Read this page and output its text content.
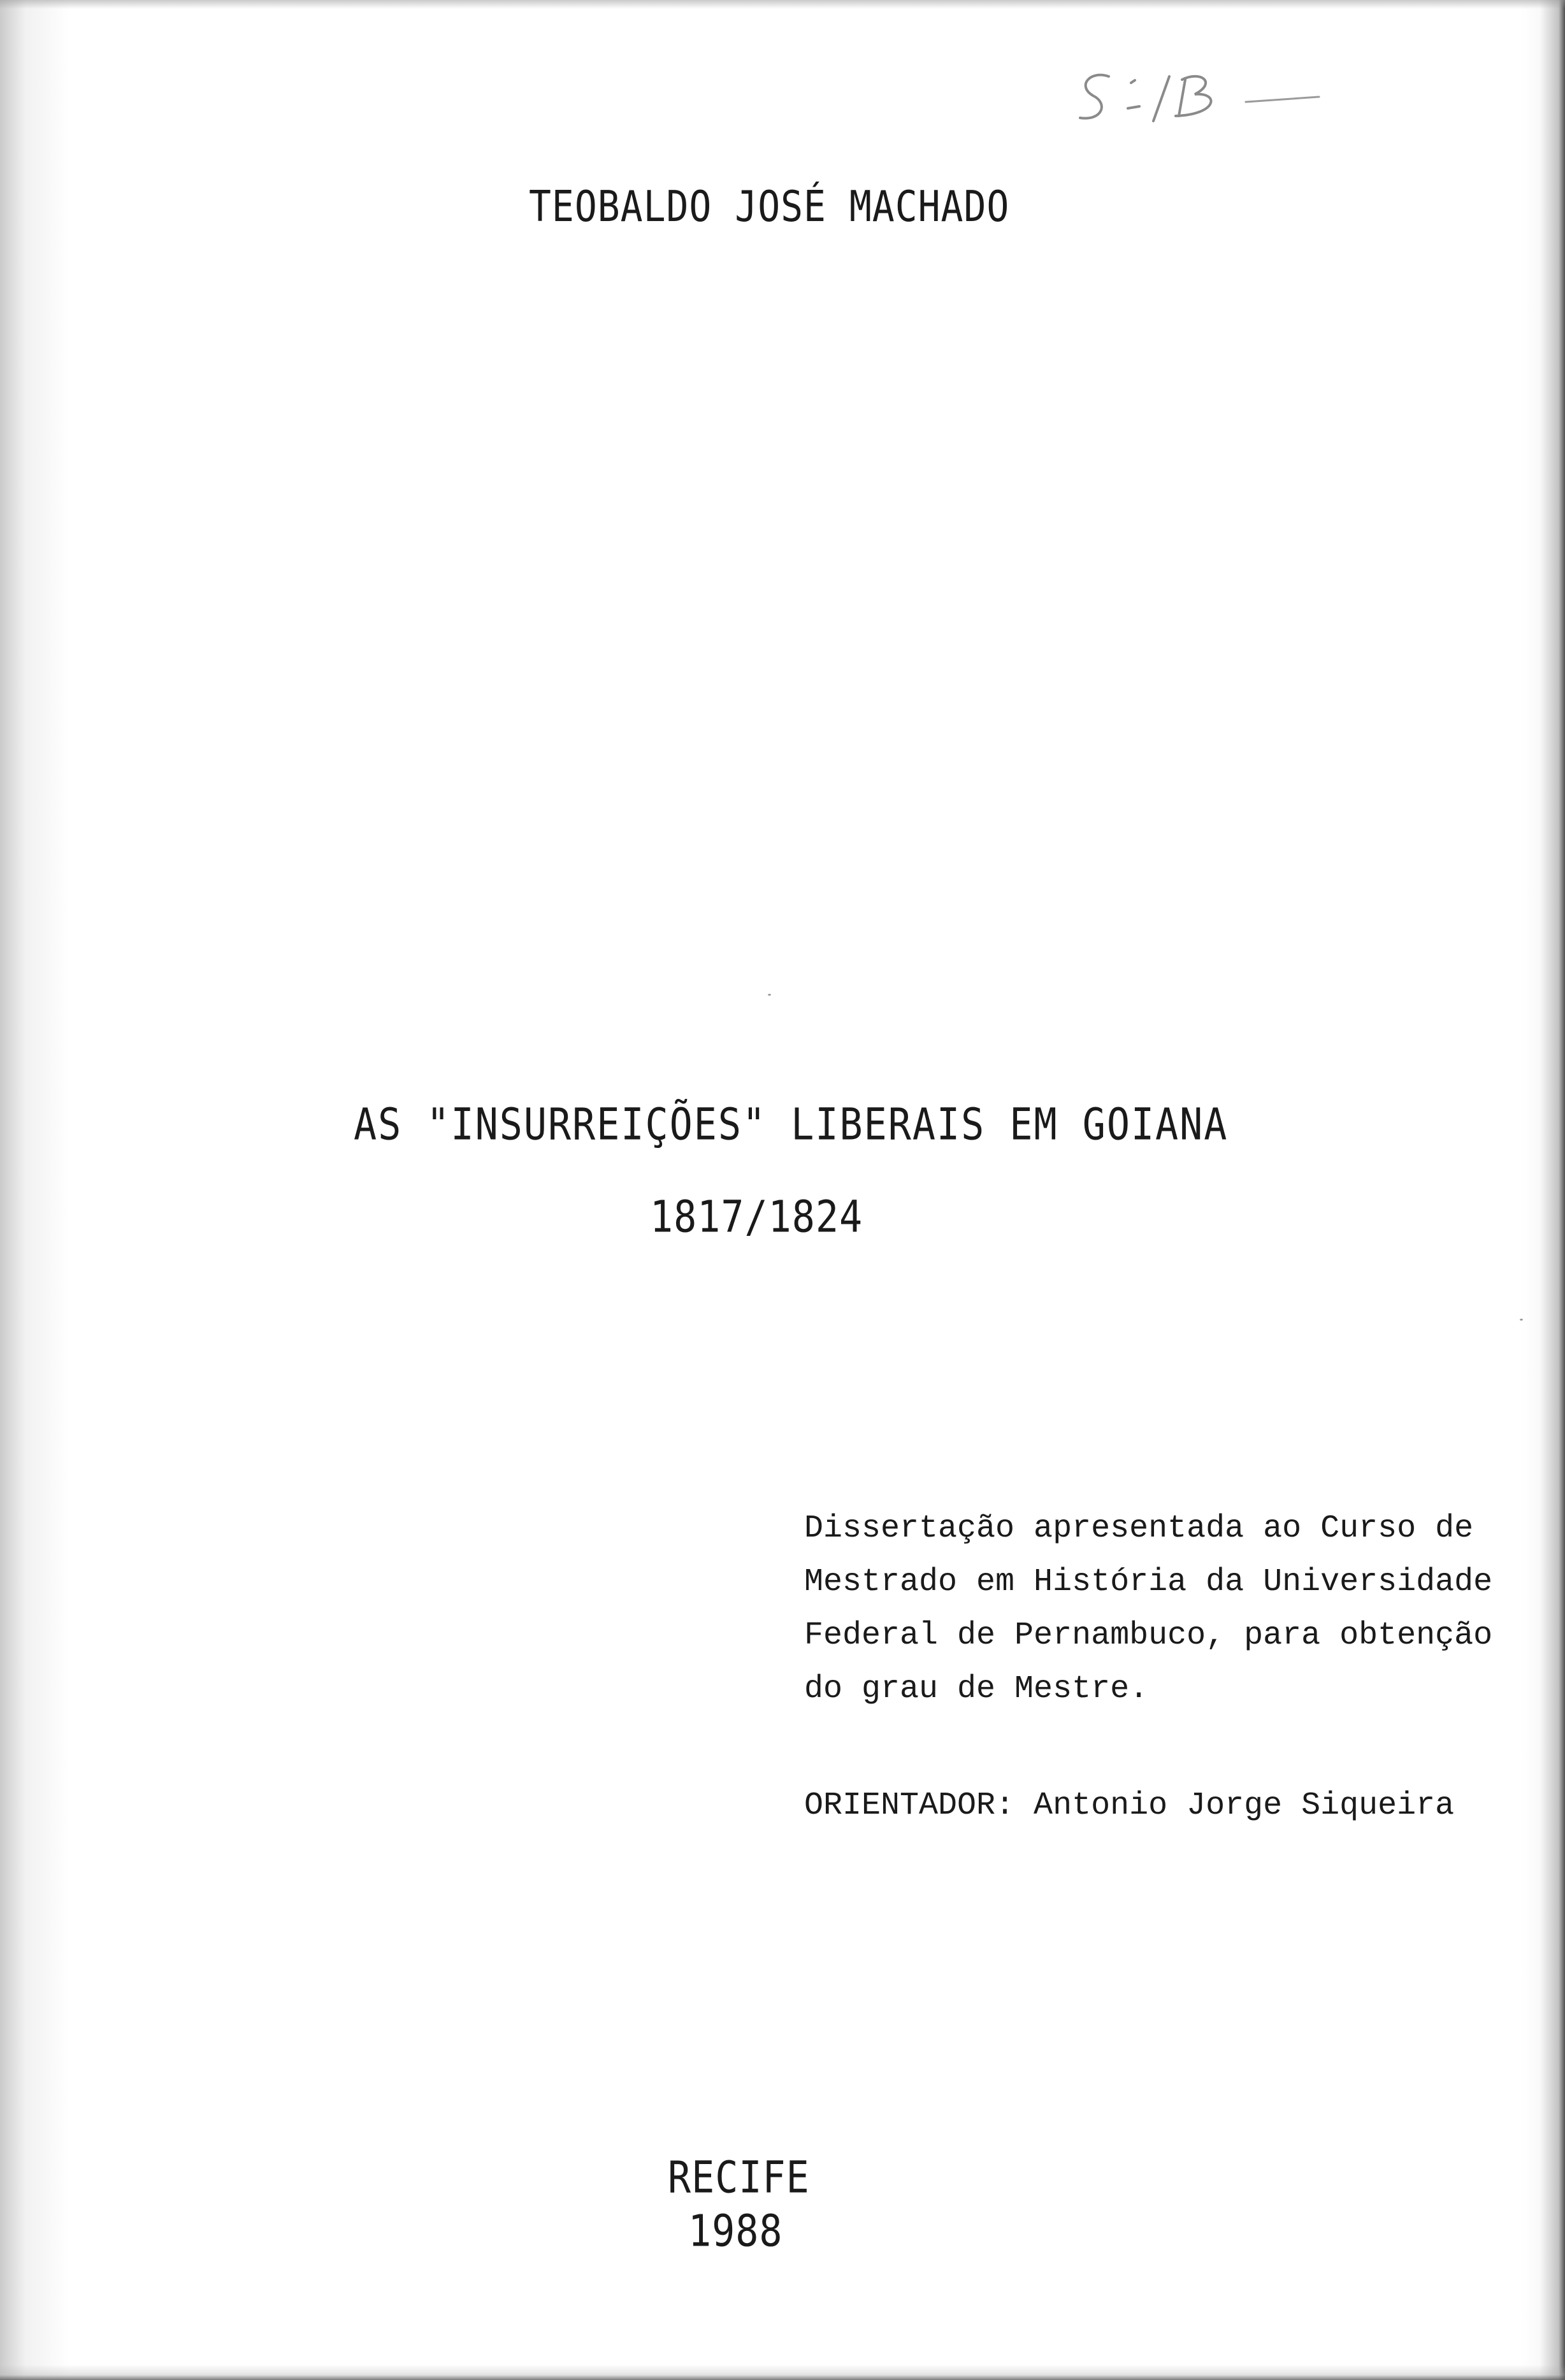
TEOBALDO JOSÉ MACHADO
AS "INSURREIÇÕES" LIBERAIS EM GOIANA
1817/1824
Dissertação apresentada ao Curso de
Mestrado em História da Universidade
Federal de Pernambuco, para obtenção
do grau de Mestre.
ORIENTADOR: Antonio Jorge Siqueira
RECIFE
1988
